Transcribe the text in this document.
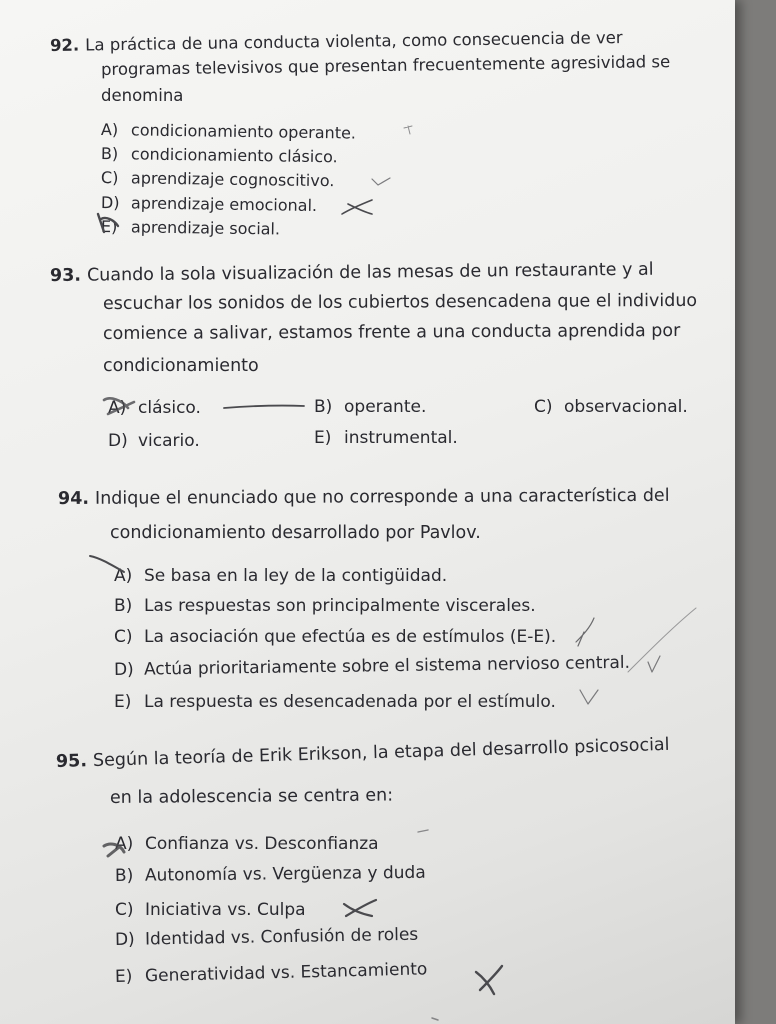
92. La práctica de una conducta violenta, como consecuencia de ver
programas televisivos que presentan frecuentemente agresividad se
denomina
A) condicionamiento operante.
B) condicionamiento clásico.
C) aprendizaje cognoscitivo.
D) aprendizaje emocional.
E) aprendizaje social.
93. Cuando la sola visualización de las mesas de un restaurante y al
escuchar los sonidos de los cubiertos desencadena que el individuo
comience a salivar, estamos frente a una conducta aprendida por
condicionamiento
A) clásico.	B) operante.	C) observacional.
D) vicario.	E) instrumental.
94. Indique el enunciado que no corresponde a una característica del
condicionamiento desarrollado por Pavlov.
A) Se basa en la ley de la contigüidad.
B) Las respuestas son principalmente viscerales.
C) La asociación que efectúa es de estímulos (E-E).
D) Actúa prioritariamente sobre el sistema nervioso central.
E) La respuesta es desencadenada por el estímulo.
95. Según la teoría de Erik Erikson, la etapa del desarrollo psicosocial
en la adolescencia se centra en:
A) Confianza vs. Desconfianza
B) Autonomía vs. Vergüenza y duda
C) Iniciativa vs. Culpa
D) Identidad vs. Confusión de roles
E) Generatividad vs. Estancamiento
